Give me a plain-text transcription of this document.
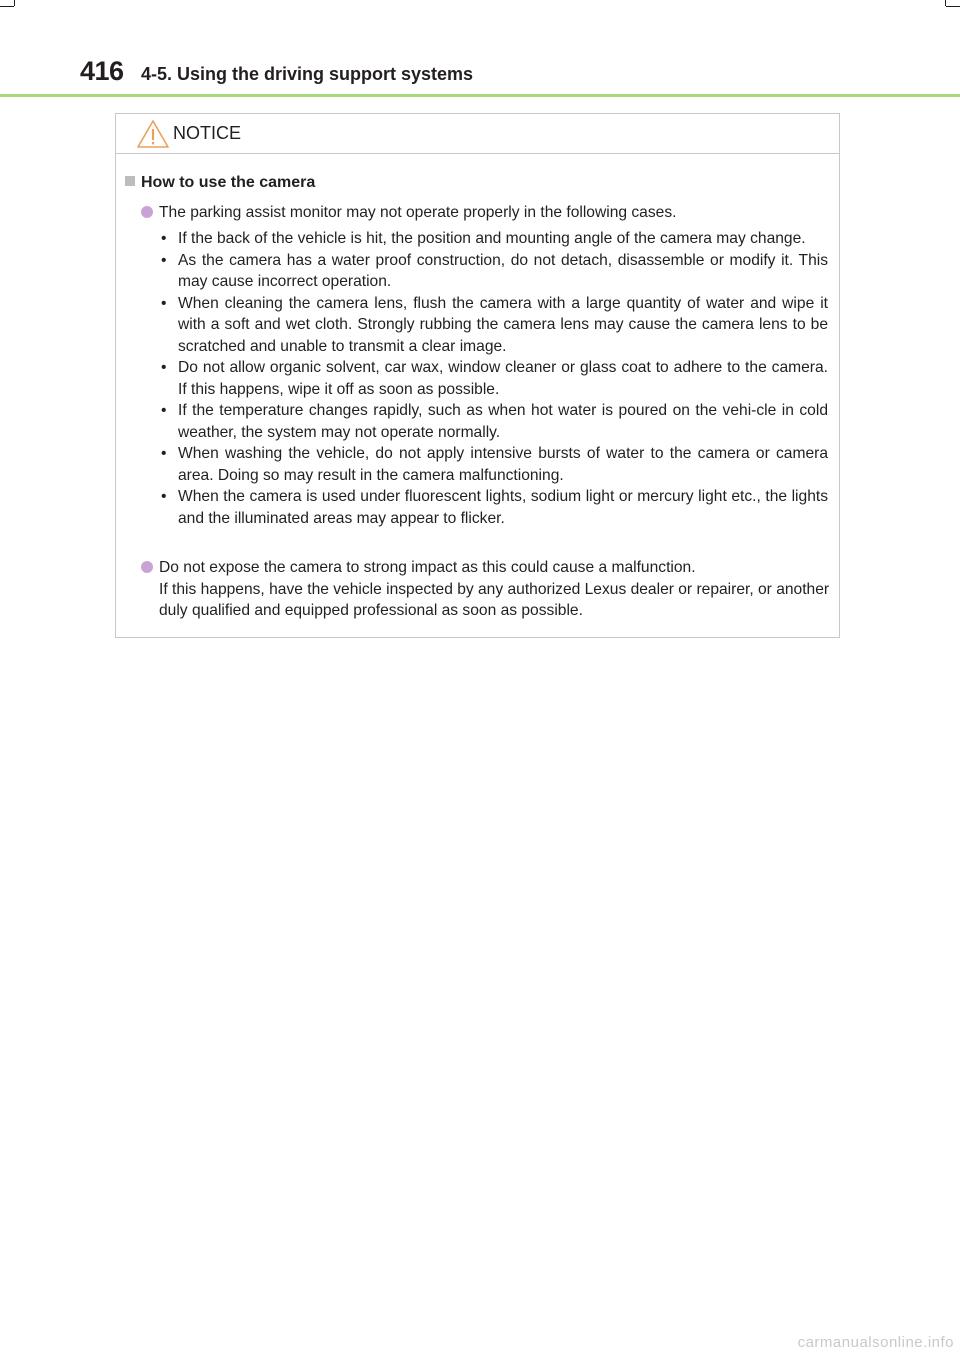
416 4-5. Using the driving support systems
NOTICE
How to use the camera
The parking assist monitor may not operate properly in the following cases.
• If the back of the vehicle is hit, the position and mounting angle of the camera may change.
• As the camera has a water proof construction, do not detach, disassemble or modify it. This may cause incorrect operation.
• When cleaning the camera lens, flush the camera with a large quantity of water and wipe it with a soft and wet cloth. Strongly rubbing the camera lens may cause the camera lens to be scratched and unable to transmit a clear image.
• Do not allow organic solvent, car wax, window cleaner or glass coat to adhere to the camera. If this happens, wipe it off as soon as possible.
• If the temperature changes rapidly, such as when hot water is poured on the vehi-cle in cold weather, the system may not operate normally.
• When washing the vehicle, do not apply intensive bursts of water to the camera or camera area. Doing so may result in the camera malfunctioning.
• When the camera is used under fluorescent lights, sodium light or mercury light etc., the lights and the illuminated areas may appear to flicker.
Do not expose the camera to strong impact as this could cause a malfunction.
If this happens, have the vehicle inspected by any authorized Lexus dealer or repairer, or another duly qualified and equipped professional as soon as possible.
carmanualsonline.info
